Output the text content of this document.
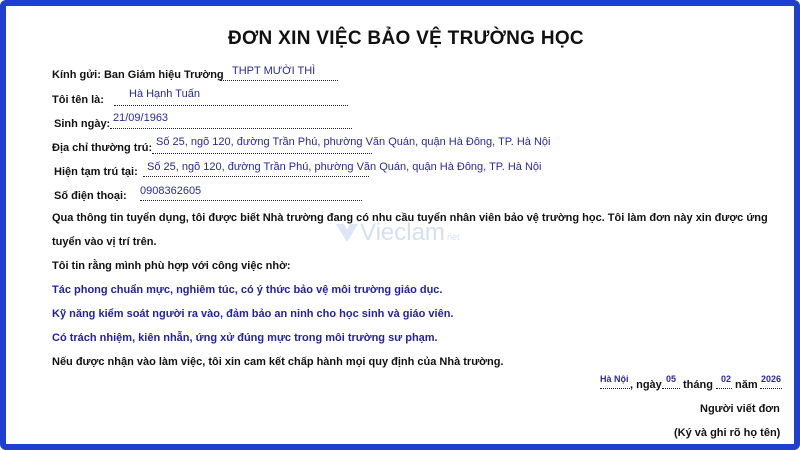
ĐƠN XIN VIỆC BẢO VỆ TRƯỜNG HỌC
Kính gửi: Ban Giám hiệu Trường THPT MƯỜI THÌ
Tôi tên là: Hà Hạnh Tuấn
Sinh ngày: 21/09/1963
Địa chỉ thường trú: Số 25, ngõ 120, đường Trần Phú, phường Văn Quán, quận Hà Đông, TP. Hà Nội
Hiện tạm trú tại: Số 25, ngõ 120, đường Trần Phú, phường Văn Quán, quận Hà Đông, TP. Hà Nội
Số điện thoại: 0908362605
Vieclam net
Qua thông tin tuyển dụng, tôi được biết Nhà trường đang có nhu cầu tuyển nhân viên bảo vệ trường học. Tôi làm đơn này xin được ứng
tuyển vào vị trí trên.
Tôi tin rằng mình phù hợp với công việc nhờ:
Tác phong chuẩn mực, nghiêm túc, có ý thức bảo vệ môi trường giáo dục.
Kỹ năng kiểm soát người ra vào, đảm bảo an ninh cho học sinh và giáo viên.
Có trách nhiệm, kiên nhẫn, ứng xử đúng mực trong môi trường sư phạm.
Nếu được nhận vào làm việc, tôi xin cam kết chấp hành mọi quy định của Nhà trường.
Hà Nội , ngày 05 tháng 02 năm 2026
Người viết đơn
(Ký và ghi rõ họ tên)
